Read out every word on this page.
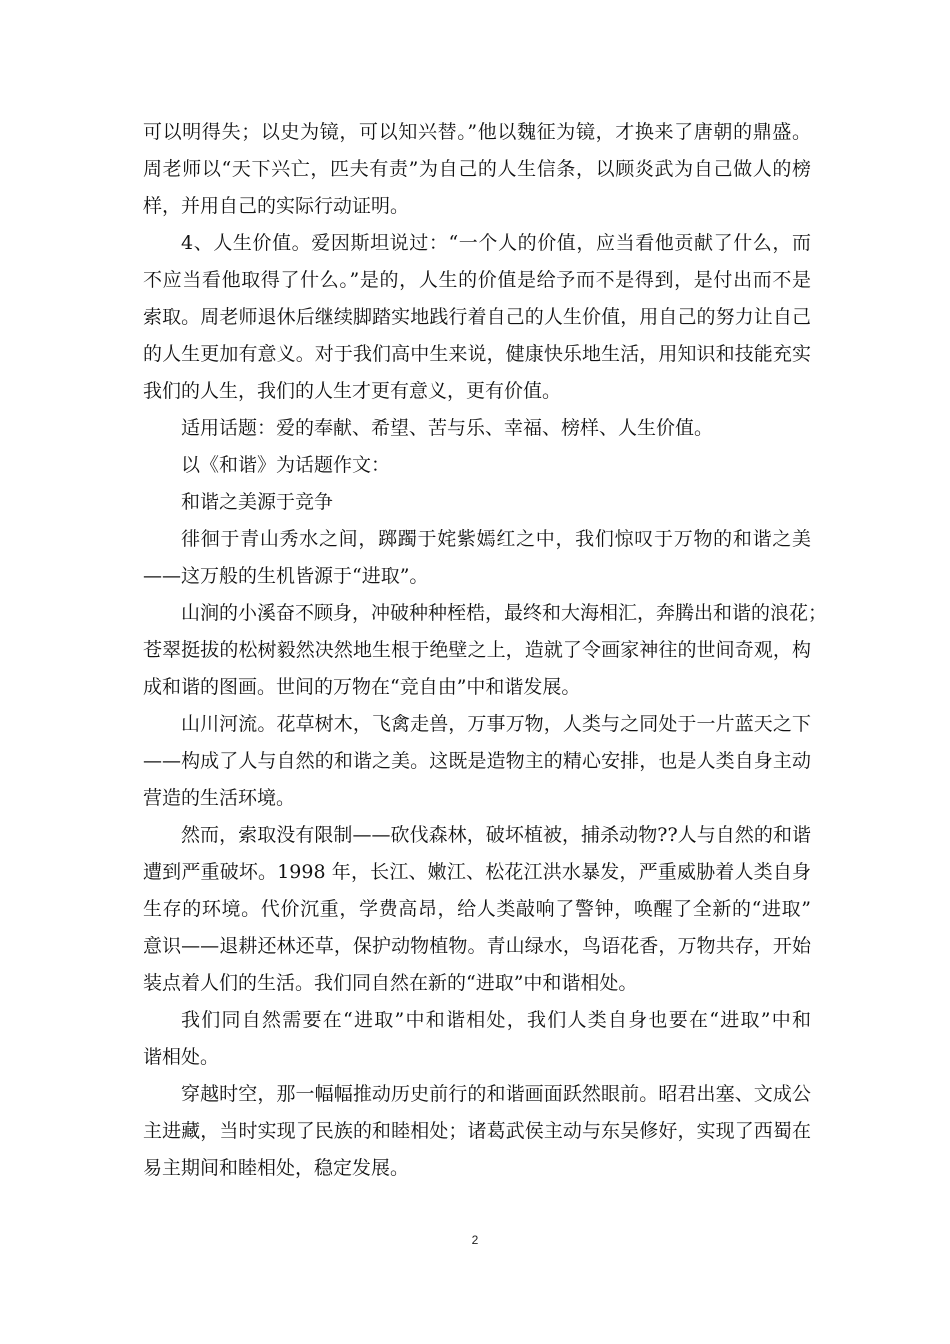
可以明得失；以史为镜，可以知兴替。”他以魏征为镜，才换来了唐朝的鼎盛。
周老师以“天下兴亡，匹夫有责”为自己的人生信条，以顾炎武为自己做人的榜
样，并用自己的实际行动证明。
4、人生价值。爱因斯坦说过：“一个人的价值，应当看他贡献了什么，而
不应当看他取得了什么。”是的，人生的价值是给予而不是得到，是付出而不是
索取。周老师退休后继续脚踏实地践行着自己的人生价值，用自己的努力让自己
的人生更加有意义。对于我们高中生来说，健康快乐地生活，用知识和技能充实
我们的人生，我们的人生才更有意义，更有价值。
适用话题：爱的奉献、希望、苦与乐、幸福、榜样、人生价值。
以《和谐》为话题作文：
和谐之美源于竞争
徘徊于青山秀水之间，踯躅于姹紫嫣红之中，我们惊叹于万物的和谐之美
——这万般的生机皆源于“进取”。
山涧的小溪奋不顾身，冲破种种桎梏，最终和大海相汇，奔腾出和谐的浪花；
苍翠挺拔的松树毅然决然地生根于绝壁之上，造就了令画家神往的世间奇观，构
成和谐的图画。世间的万物在“竞自由”中和谐发展。
山川河流。花草树木，飞禽走兽，万事万物，人类与之同处于一片蓝天之下
——构成了人与自然的和谐之美。这既是造物主的精心安排，也是人类自身主动
营造的生活环境。
然而，索取没有限制——砍伐森林，破坏植被，捕杀动物??人与自然的和谐
遭到严重破坏。1998 年，长江、嫩江、松花江洪水暴发，严重威胁着人类自身
生存的环境。代价沉重，学费高昂，给人类敲响了警钟，唤醒了全新的“进取”
意识——退耕还林还草，保护动物植物。青山绿水，鸟语花香，万物共存，开始
装点着人们的生活。我们同自然在新的“进取”中和谐相处。
我们同自然需要在“进取”中和谐相处，我们人类自身也要在“进取”中和
谐相处。
穿越时空，那一幅幅推动历史前行的和谐画面跃然眼前。昭君出塞、文成公
主进藏，当时实现了民族的和睦相处；诸葛武侯主动与东吴修好，实现了西蜀在
易主期间和睦相处，稳定发展。
2
